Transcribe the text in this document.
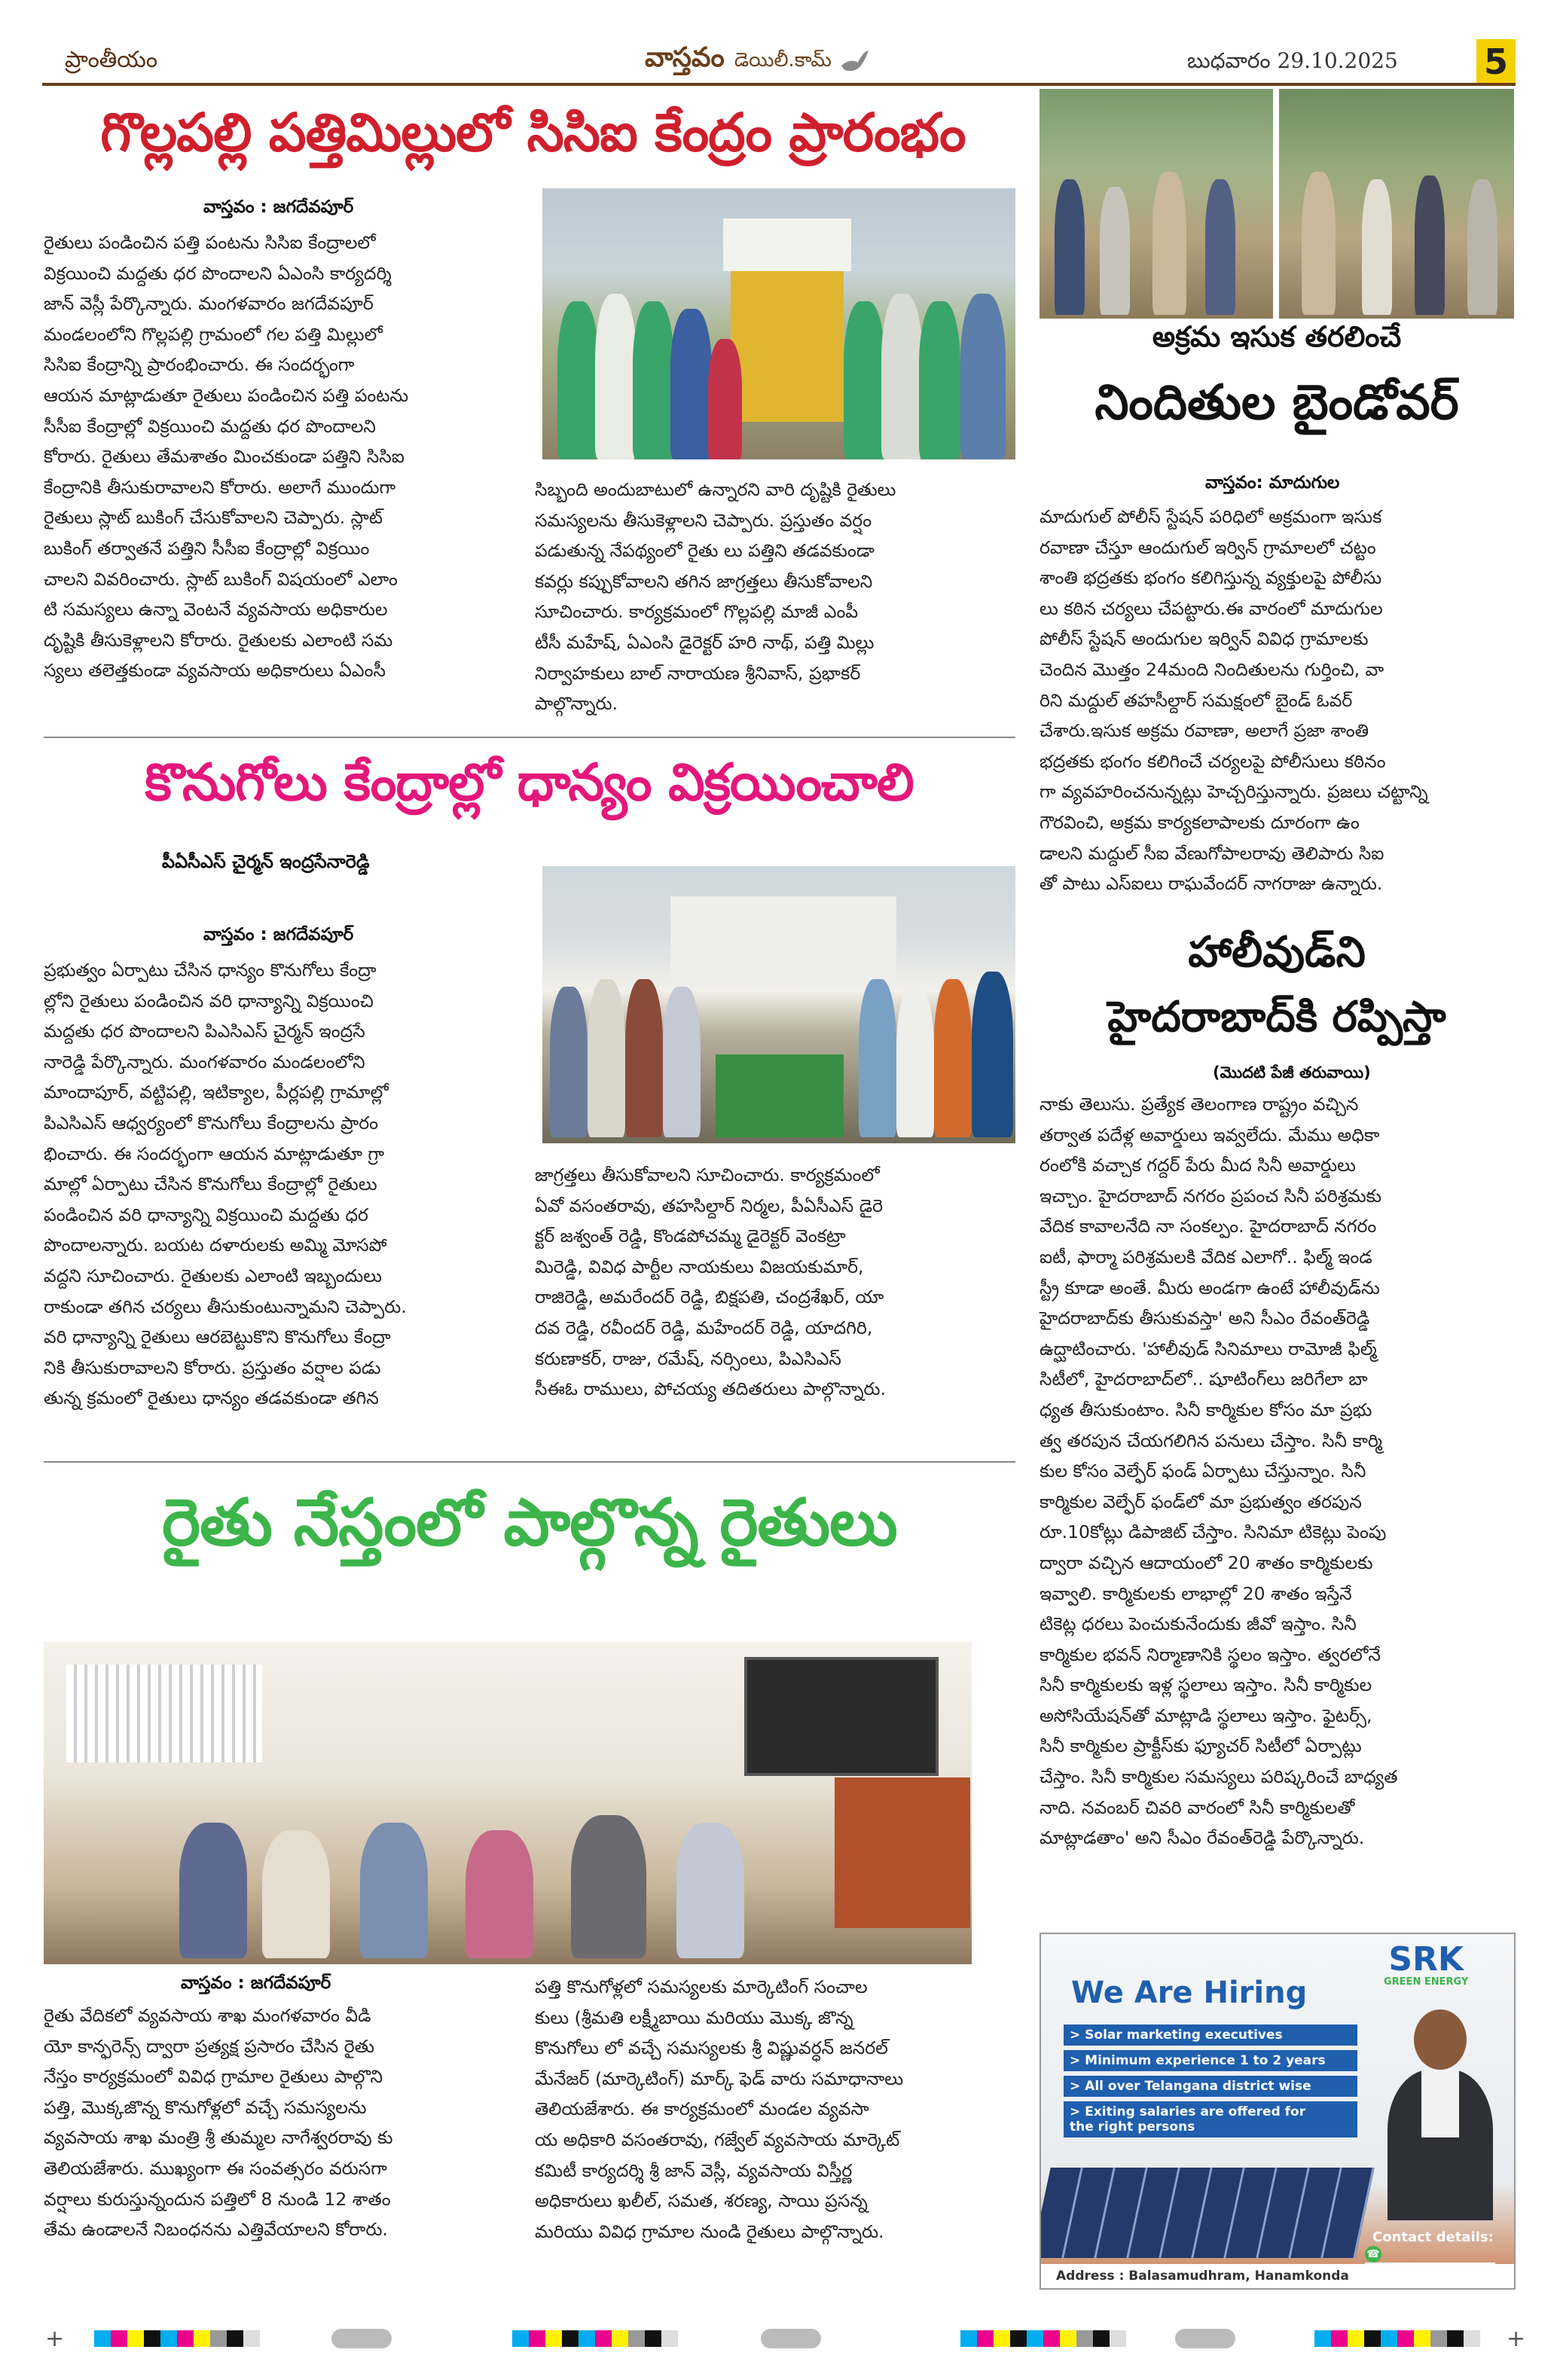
ప్రాంతీయం	వాస్తవం డెయిలీ.కామ్	బుధవారం 29.10.2025 5
గొల్లపల్లి పత్తిమిల్లులో సిసిఐ కేంద్రం ప్రారంభం
వాస్తవం : జగదేవపూర్
రైతులు పండించిన పత్తి పంటను సిసిఐ కేంద్రాలలో
విక్రయించి మద్దతు ధర పొందాలని ఏఎంసి కార్యదర్శి
జాన్ వెస్లీ పేర్కొన్నారు. మంగళవారం జగదేవపూర్
మండలంలోని గొల్లపల్లి గ్రామంలో గల పత్తి మిల్లులో
సిసిఐ కేంద్రాన్ని ప్రారంభించారు. ఈ సందర్భంగా
ఆయన మాట్లాడుతూ రైతులు పండించిన పత్తి పంటను
సీసీఐ కేంద్రాల్లో విక్రయించి మద్దతు ధర పొందాలని
కోరారు. రైతులు తేమశాతం మించకుండా పత్తిని సిసిఐ
కేంద్రానికి తీసుకురావాలని కోరారు. అలాగే ముందుగా
రైతులు స్లాట్ బుకింగ్ చేసుకోవాలని చెప్పారు. స్లాట్
బుకింగ్ తర్వాతనే పత్తిని సీసీఐ కేంద్రాల్లో విక్రయిం
చాలని వివరించారు. స్లాట్ బుకింగ్ విషయంలో ఎలాం
టి సమస్యలు ఉన్నా వెంటనే వ్యవసాయ అధికారుల
దృష్టికి తీసుకెళ్లాలని కోరారు. రైతులకు ఎలాంటి సమ
స్యలు తలెత్తకుండా వ్యవసాయ అధికారులు ఏఎంసీ
సిబ్బంది అందుబాటులో ఉన్నారని వారి దృష్టికి రైతులు
సమస్యలను తీసుకెళ్లాలని చెప్పారు. ప్రస్తుతం వర్షం
పడుతున్న నేపథ్యంలో రైతు లు పత్తిని తడవకుండా
కవర్లు కప్పుకోవాలని తగిన జాగ్రత్తలు తీసుకోవాలని
సూచించారు. కార్యక్రమంలో గొల్లపల్లి మాజీ ఎంపీ
టీసీ మహేష్, ఏఎంసి డైరెక్టర్ హరి నాథ్, పత్తి మిల్లు
నిర్వాహకులు బాల్ నారాయణ శ్రీనివాస్, ప్రభాకర్
పాల్గొన్నారు.
కొనుగోలు కేంద్రాల్లో ధాన్యం విక్రయించాలి
పీఏసీఎస్ చైర్మన్ ఇంద్రసేనారెడ్డి
వాస్తవం : జగదేవపూర్
ప్రభుత్వం ఏర్పాటు చేసిన ధాన్యం కొనుగోలు కేంద్రా
ల్లోని రైతులు పండించిన వరి ధాన్యాన్ని విక్రయించి
మద్దతు ధర పొందాలని పిఎసిఎస్ చైర్మన్ ఇంద్రసే
నారెడ్డి పేర్కొన్నారు. మంగళవారం మండలంలోని
మాందాపూర్, వట్టిపల్లి, ఇటిక్యాల, పీర్లపల్లి గ్రామాల్లో
పిఎసిఎస్ ఆధ్వర్యంలో కొనుగోలు కేంద్రాలను ప్రారం
భించారు. ఈ సందర్భంగా ఆయన మాట్లాడుతూ గ్రా
మాల్లో ఏర్పాటు చేసిన కొనుగోలు కేంద్రాల్లో రైతులు
పండించిన వరి ధాన్యాన్ని విక్రయించి మద్దతు ధర
పొందాలన్నారు. బయట దళారులకు అమ్మి మోసపో
వద్దని సూచించారు. రైతులకు ఎలాంటి ఇబ్బందులు
రాకుండా తగిన చర్యలు తీసుకుంటున్నామని చెప్పారు.
వరి ధాన్యాన్ని రైతులు ఆరబెట్టుకొని కొనుగోలు కేంద్రా
నికి తీసుకురావాలని కోరారు. ప్రస్తుతం వర్షాల పడు
తున్న క్రమంలో రైతులు ధాన్యం తడవకుండా తగిన
జాగ్రత్తలు తీసుకోవాలని సూచించారు. కార్యక్రమంలో
ఏవో వసంతరావు, తహసిల్దార్ నిర్మల, పీఏసీఎస్ డైరె
క్టర్ జశ్వంత్ రెడ్డి, కొండపోచమ్మ డైరెక్టర్ వెంకట్రా
మిరెడ్డి, వివిధ పార్టీల నాయకులు విజయకుమార్,
రాజిరెడ్డి, అమరేందర్ రెడ్డి, బిక్షపతి, చంద్రశేఖర్, యా
దవ రెడ్డి, రవీందర్ రెడ్డి, మహేందర్ రెడ్డి, యాదగిరి,
కరుణాకర్, రాజు, రమేష్, నర్సింలు, పిఎసిఎస్
సీఈఓ రాములు, పోచయ్య తదితరులు పాల్గొన్నారు.
రైతు నేస్తంలో పాల్గొన్న రైతులు
వాస్తవం : జగదేవపూర్
రైతు వేదికలో వ్యవసాయ శాఖ మంగళవారం వీడి
యో కాన్ఫరెన్స్ ద్వారా ప్రత్యక్ష ప్రసారం చేసిన రైతు
నేస్తం కార్యక్రమంలో వివిధ గ్రామాల రైతులు పాల్గొని
పత్తి, మొక్కజొన్న కొనుగోళ్లలో వచ్చే సమస్యలను
వ్యవసాయ శాఖ మంత్రి శ్రీ తుమ్మల నాగేశ్వరరావు కు
తెలియజేశారు. ముఖ్యంగా ఈ సంవత్సరం వరుసగా
వర్షాలు కురుస్తున్నందున పత్తిలో 8 నుండి 12 శాతం
తేమ ఉండాలనే నిబంధనను ఎత్తివేయాలని కోరారు.
పత్తి కొనుగోళ్లలో సమస్యలకు మార్కెటింగ్ సంచాల
కులు (శ్రీమతి లక్ష్మీబాయి మరియు మొక్క జొన్న
కొనుగోలు లో వచ్చే సమస్యలకు శ్రీ విష్ణువర్ధన్ జనరల్
మేనేజర్ (మార్కెటింగ్) మార్క్ ఫెడ్ వారు సమాధానాలు
తెలియజేశారు. ఈ కార్యక్రమంలో మండల వ్యవసా
య అధికారి వసంతరావు, గజ్వేల్ వ్యవసాయ మార్కెట్
కమిటీ కార్యదర్శి శ్రీ జాన్ వెస్లీ, వ్యవసాయ విస్తీర్ణ
అధికారులు ఖలీల్, సమత, శరణ్య, సాయి ప్రసన్న
మరియు వివిధ గ్రామాల నుండి రైతులు పాల్గొన్నారు.
అక్రమ ఇసుక తరలించే
నిందితుల బైండోవర్
వాస్తవం: మాదుగుల
మాదుగుల్ పోలీస్ స్టేషన్ పరిధిలో అక్రమంగా ఇసుక
రవాణా చేస్తూ ఆందుగుల్ ఇర్విన్ గ్రామాలలో చట్టం
శాంతి భద్రతకు భంగం కలిగిస్తున్న వ్యక్తులపై పోలీసు
లు కఠిన చర్యలు చేపట్టారు.ఈ వారంలో మాదుగుల
పోలీస్ స్టేషన్ అందుగుల ఇర్విన్ వివిధ గ్రామాలకు
చెందిన మొత్తం 24మంది నిందితులను గుర్తించి, వా
రిని మద్దుల్ తహసీల్దార్ సమక్షంలో బైండ్ ఓవర్
చేశారు.ఇసుక అక్రమ రవాణా, అలాగే ప్రజా శాంతి
భద్రతకు భంగం కలిగించే చర్యలపై పోలీసులు కఠినం
గా వ్యవహరించనున్నట్లు హెచ్చరిస్తున్నారు. ప్రజలు చట్టాన్ని
గౌరవించి, అక్రమ కార్యకలాపాలకు దూరంగా ఉం
డాలని మద్దుల్ సీఐ వేణుగోపాలరావు తెలిపారు సిఐ
తో పాటు ఎస్ఐలు రాఘవేందర్ నాగరాజు ఉన్నారు.
హాలీవుడ్‌ని
హైదరాబాద్‌కి రప్పిస్తా
(మొదటి పేజీ తరువాయి)
నాకు తెలుసు. ప్రత్యేక తెలంగాణ రాష్ట్రం వచ్చిన
తర్వాత పదేళ్ల అవార్డులు ఇవ్వలేదు. మేము అధికా
రంలోకి వచ్చాక గద్దర్ పేరు మీద సినీ అవార్డులు
ఇచ్చాం. హైదరాబాద్ నగరం ప్రపంచ సినీ పరిశ్రమకు
వేదిక కావాలనేది నా సంకల్పం. హైదరాబాద్ నగరం
ఐటీ, ఫార్మా పరిశ్రమలకి వేదిక ఎలాగో.. ఫిల్మ్ ఇండ
స్ట్రీ కూడా అంతే. మీరు అండగా ఉంటే హాలీవుడ్‌ను
హైదరాబాద్‌కు తీసుకువస్తా' అని సీఎం రేవంత్‌రెడ్డి
ఉద్ఘాటించారు. 'హాలీవుడ్ సినిమాలు రామోజీ ఫిల్మ్
సిటీలో, హైదరాబాద్‌లో.. షూటింగ్‌లు జరిగేలా బా
ధ్యత తీసుకుంటాం. సినీ కార్మికుల కోసం మా ప్రభు
త్వ తరపున చేయగలిగిన పనులు చేస్తాం. సినీ కార్మి
కుల కోసం వెల్ఫేర్ ఫండ్ ఏర్పాటు చేస్తున్నాం. సినీ
కార్మికుల వెల్ఫేర్ ఫండ్‌లో మా ప్రభుత్వం తరపున
రూ.10కోట్లు డిపాజిట్ చేస్తాం. సినిమా టికెట్లు పెంపు
ద్వారా వచ్చిన ఆదాయంలో 20 శాతం కార్మికులకు
ఇవ్వాలి. కార్మికులకు లాభాల్లో 20 శాతం ఇస్తేనే
టికెట్ల ధరలు పెంచుకునేందుకు జీవో ఇస్తాం. సినీ
కార్మికుల భవన్ నిర్మాణానికి స్థలం ఇస్తాం. త్వరలోనే
సినీ కార్మికులకు ఇళ్ల స్థలాలు ఇస్తాం. సినీ కార్మికుల
అసోసియేషన్‌తో మాట్లాడి స్థలాలు ఇస్తాం. ఫైటర్స్,
సినీ కార్మికుల ప్రాక్టీస్‌కు ఫ్యూచర్ సిటీలో ఏర్పాట్లు
చేస్తాం. సినీ కార్మికుల సమస్యలు పరిష్కరించే బాధ్యత
నాది. నవంబర్ చివరి వారంలో సినీ కార్మికులతో
మాట్లాడతాం' అని సీఎం రేవంత్‌రెడ్డి పేర్కొన్నారు.
SRK
GREEN ENERGY
We Are Hiring
> Solar marketing executives
> Minimum experience 1 to 2 years
> All over Telangana district wise
> Exiting salaries are offered for
the right persons
Contact details:
☎
Address : Balasamudhram, Hanamkonda
+	+
